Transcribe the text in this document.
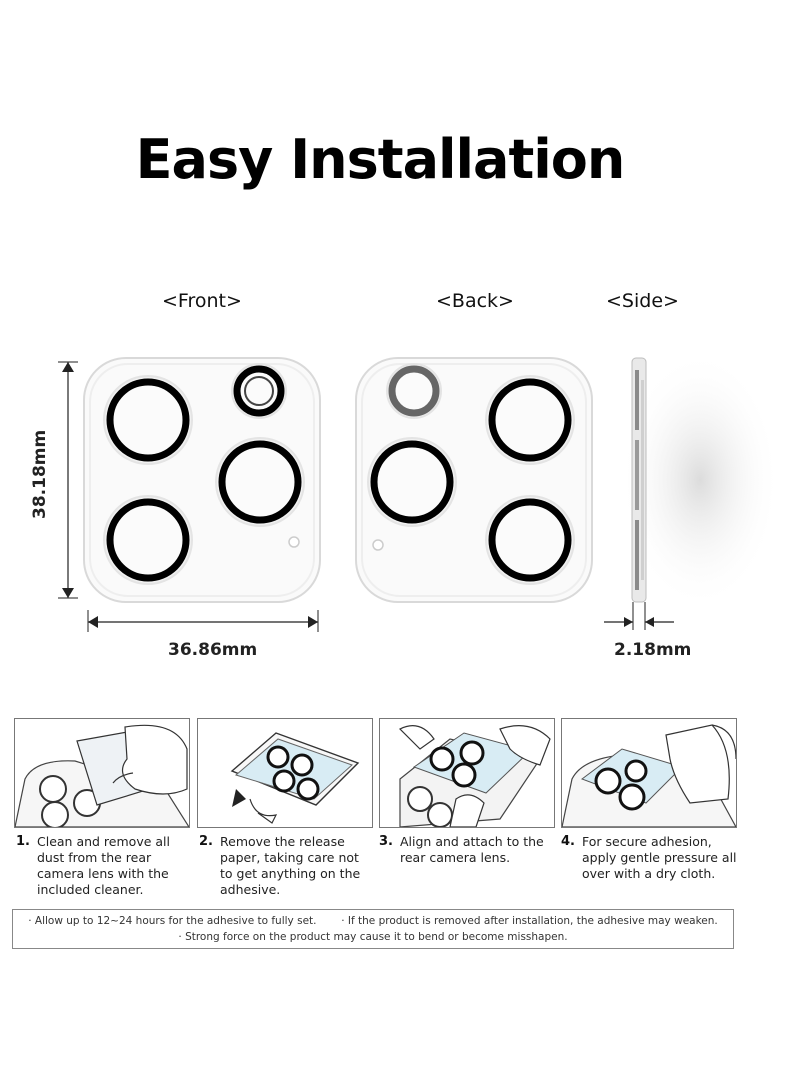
Easy Installation
<Front>	<Back>	<Side>
38.18mm
36.86mm	2.18mm
1. Clean and remove all dust from the rear camera lens with the included cleaner.
2. Remove the release paper, taking care not to get anything on the adhesive.
3. Align and attach to the rear camera lens.
4. For secure adhesion, apply gentle pressure all over with a dry cloth.
· Allow up to 12~24 hours for the adhesive to fully set. · If the product is removed after installation, the adhesive may weaken.
· Strong force on the product may cause it to bend or become misshapen.
